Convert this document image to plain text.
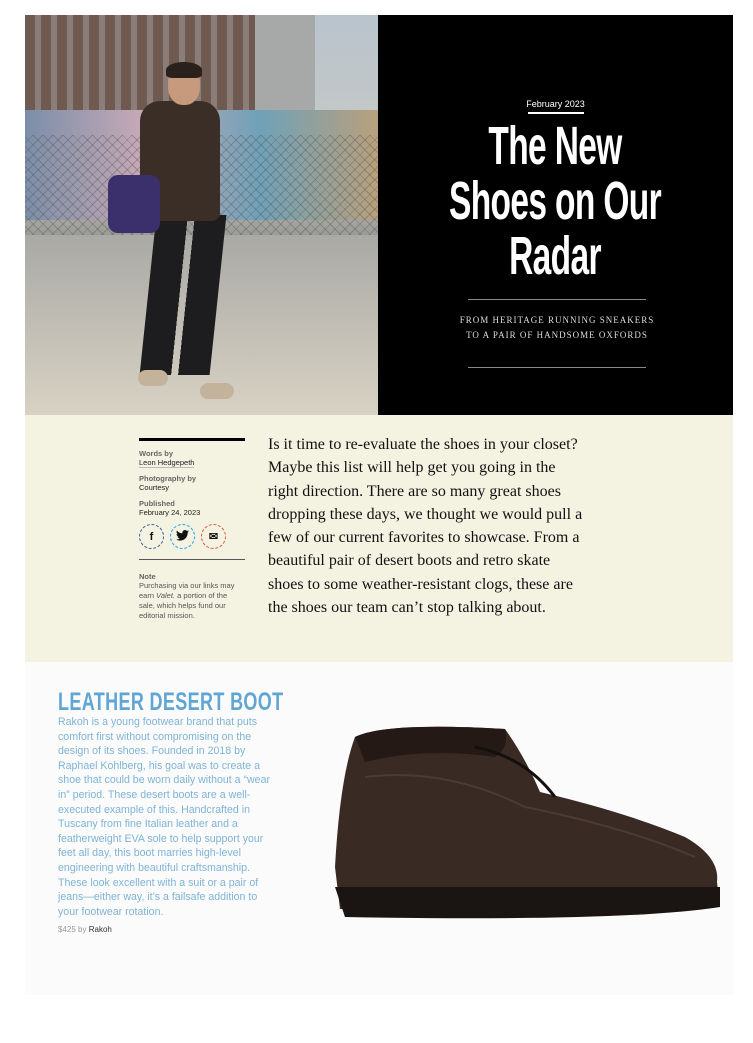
February 2023
The New
Shoes on Our
Radar
FROM HERITAGE RUNNING SNEAKERS TO A PAIR OF HANDSOME OXFORDS
Words by
Leon Hedgepeth
Photography by
Courtesy
Published
February 24, 2023
f	✉
Note
Purchasing via our links may earn Valet. a portion of the sale, which helps fund our editorial mission.
Is it time to re-evaluate the shoes in your closet? Maybe this list will help get you going in the right direction. There are so many great shoes dropping these days, we thought we would pull a few of our current favorites to showcase. From a beautiful pair of desert boots and retro skate shoes to some weather-resistant clogs, these are the shoes our team can’t stop talking about.
LEATHER DESERT BOOT
Rakoh is a young footwear brand that puts comfort first without compromising on the design of its shoes. Founded in 2018 by Raphael Kohlberg, his goal was to create a shoe that could be worn daily without a “wear in” period. These desert boots are a well-executed example of this. Handcrafted in Tuscany from fine Italian leather and a featherweight EVA sole to help support your feet all day, this boot marries high-level engineering with beautiful craftsmanship. These look excellent with a suit or a pair of jeans—either way, it’s a failsafe addition to your footwear rotation.
$425 by Rakoh
